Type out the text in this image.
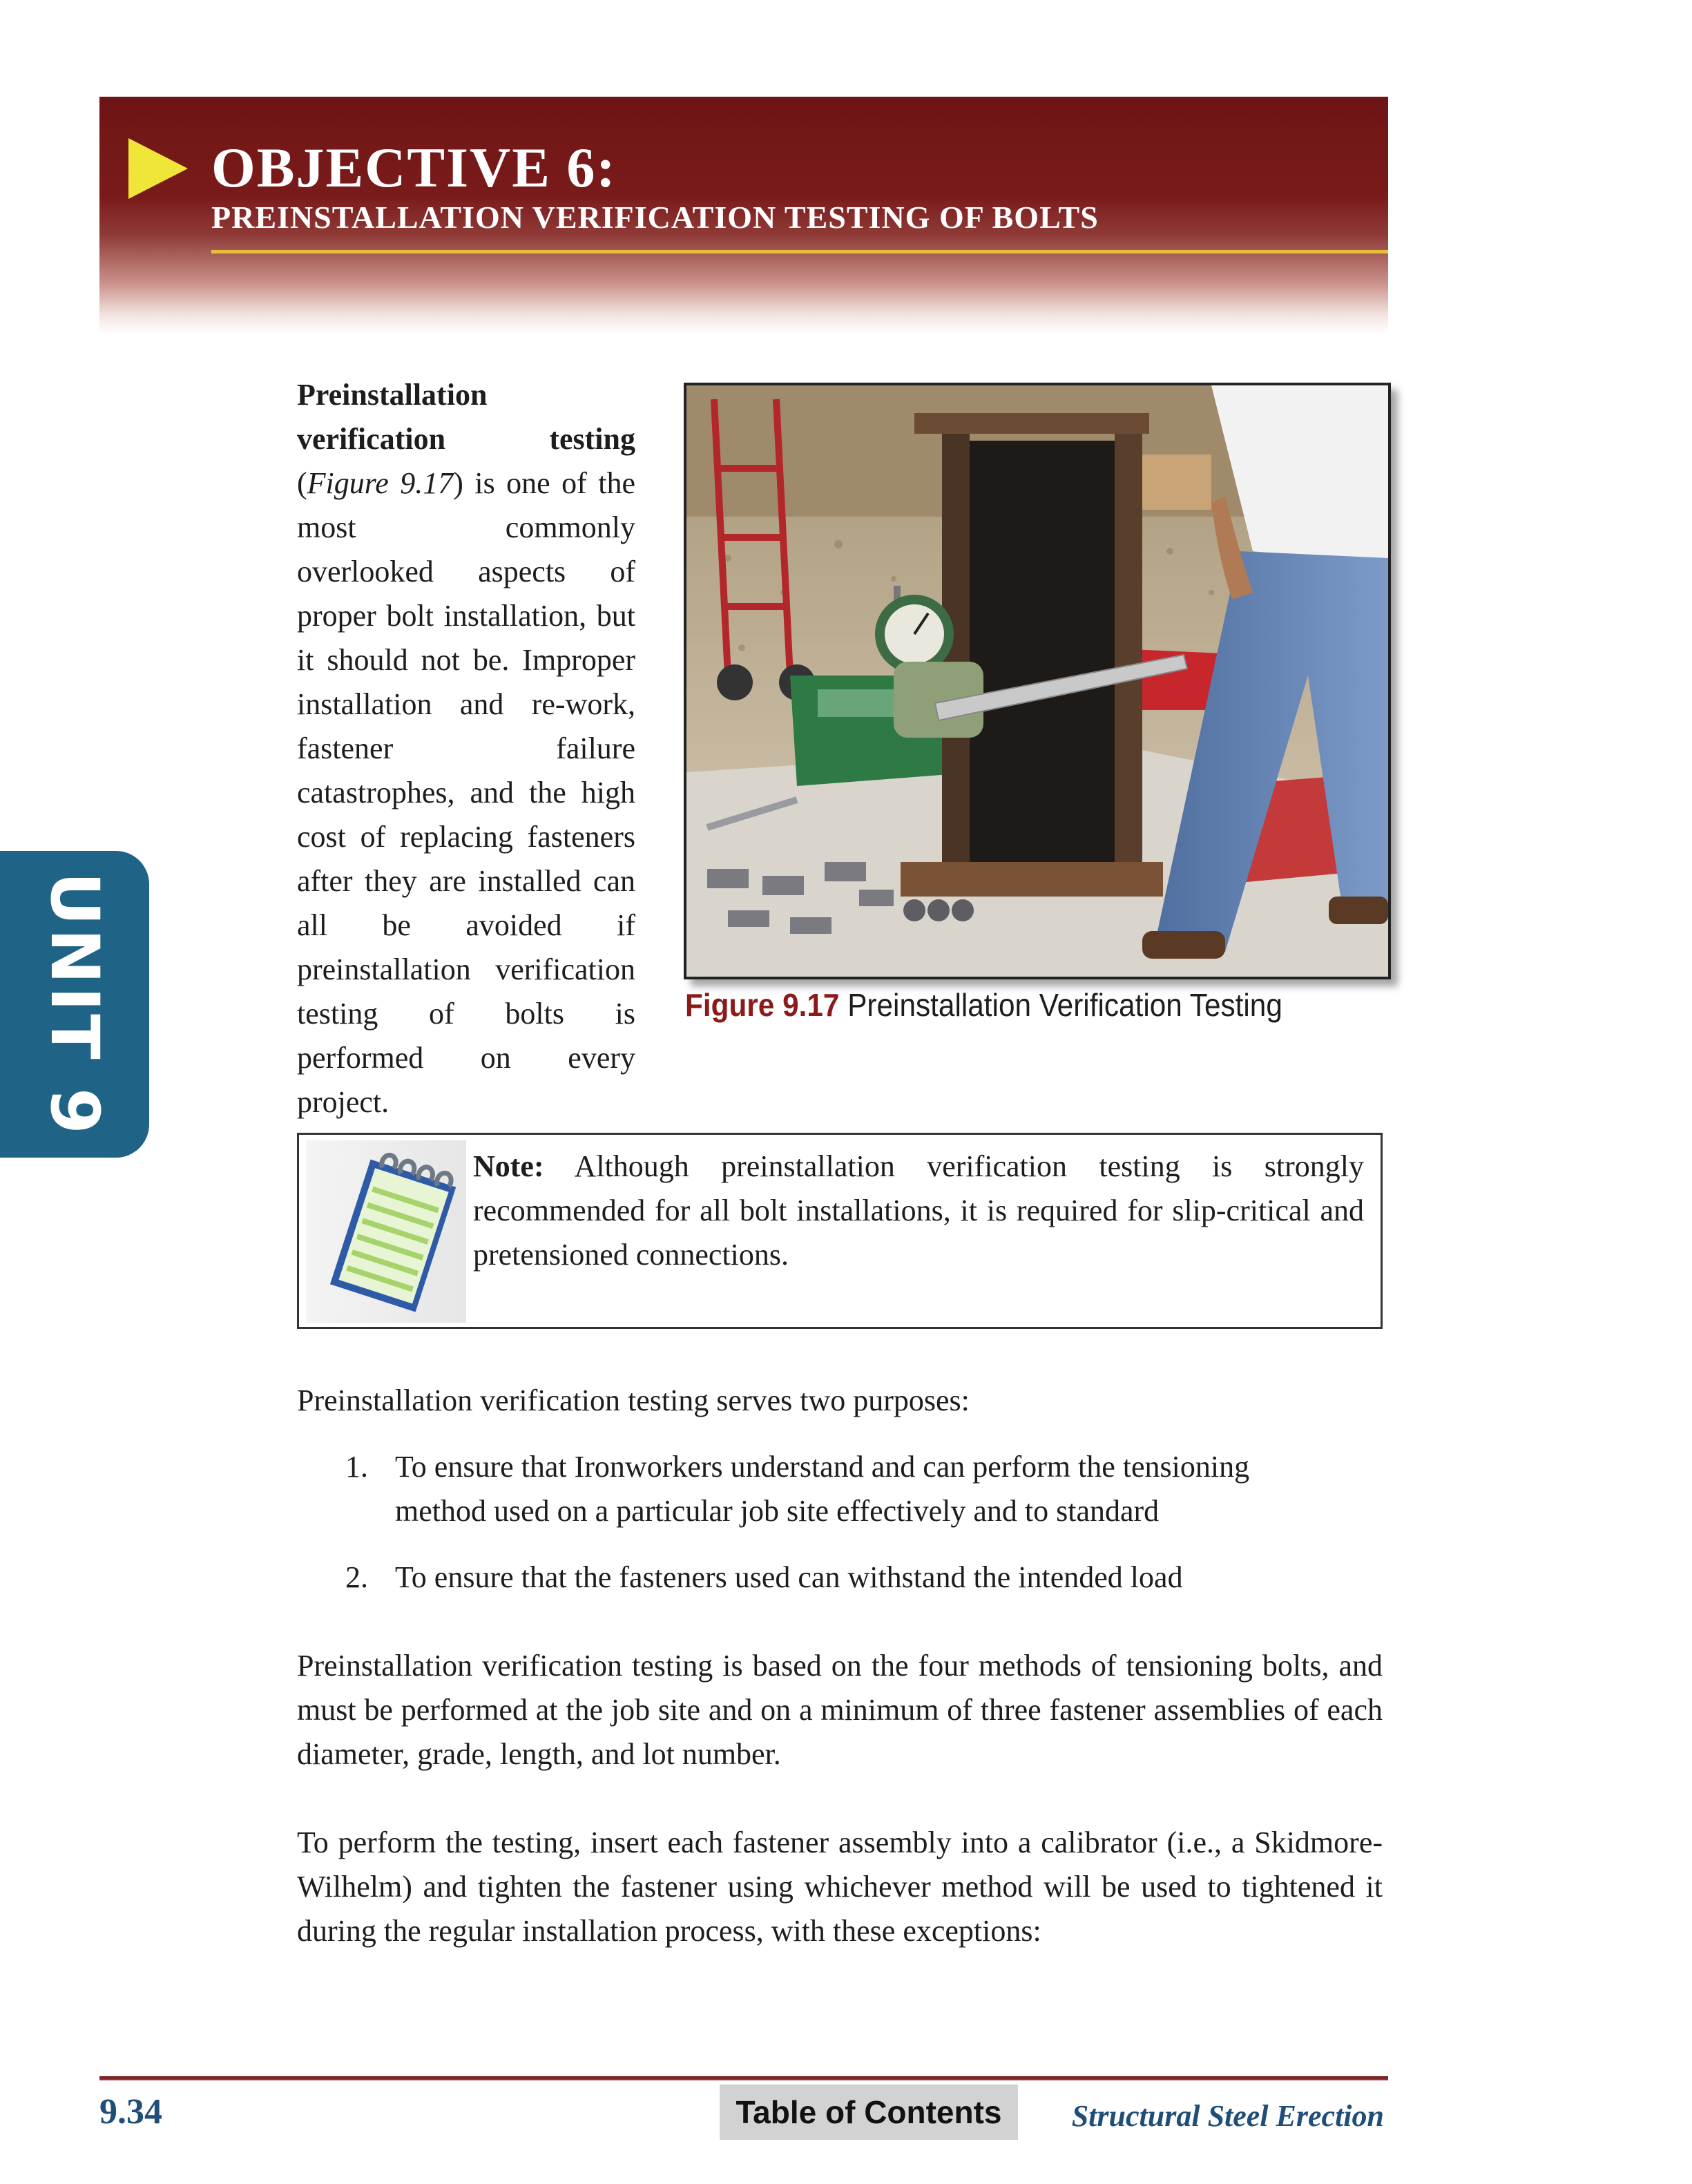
OBJECTIVE 6:
PREINSTALLATION VERIFICATION TESTING OF BOLTS
UNIT 9

Preinstallation verification testing (Figure 9.17) is one of the most commonly overlooked aspects of proper bolt installation, but it should not be. Improper installation and re-work, fastener failure catastrophes, and the high cost of replacing fasteners after they are installed can all be avoided if preinstallation verification testing of bolts is performed on every project.

Figure 9.17 Preinstallation Verification Testing
Note: Although preinstallation verification testing is strongly recommended for all bolt installations, it is required for slip-critical and pretensioned connections.

Preinstallation verification testing serves two purposes:

1. To ensure that Ironworkers understand and can perform the tensioning method used on a particular job site effectively and to standard
2. To ensure that the fasteners used can withstand the intended load

Preinstallation verification testing is based on the four methods of tensioning bolts, and must be performed at the job site and on a minimum of three fastener assemblies of each diameter, grade, length, and lot number.

To perform the testing, insert each fastener assembly into a calibrator (i.e., a Skidmore-Wilhelm) and tighten the fastener using whichever method will be used to tightened it during the regular installation process, with these exceptions:

9.34	Table of Contents	Structural Steel Erection
